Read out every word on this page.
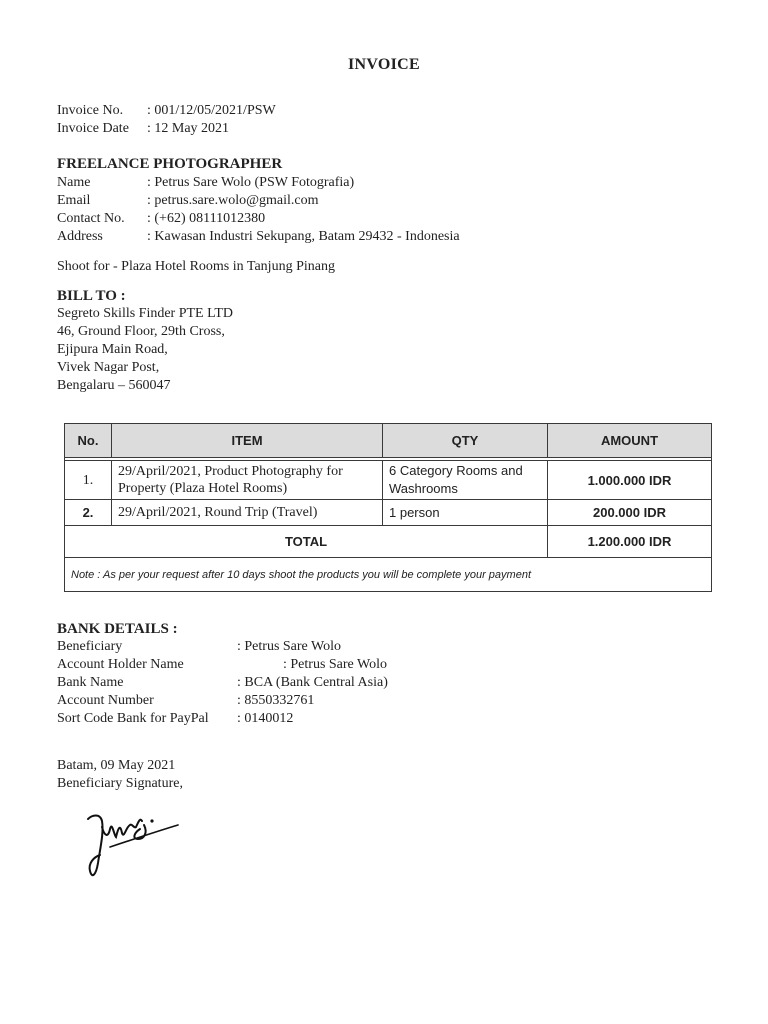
INVOICE
Invoice No. : 001/12/05/2021/PSW
Invoice Date : 12 May 2021
FREELANCE PHOTOGRAPHER
Name	: Petrus Sare Wolo (PSW Fotografia)
Email	: petrus.sare.wolo@gmail.com
Contact No. : (+62) 08111012380
Address	: Kawasan Industri Sekupang, Batam 29432 - Indonesia
Shoot for - Plaza Hotel Rooms in Tanjung Pinang
BILL TO :
Segreto Skills Finder PTE LTD
46, Ground Floor, 29th Cross,
Ejipura Main Road,
Vivek Nagar Post,
Bengalaru – 560047
No.	ITEM	QTY	AMOUNT

1.	29/April/2021, Product Photography for Property (Plaza Hotel Rooms)	6 Category Rooms and Washrooms	1.000.000 IDR
2.	29/April/2021, Round Trip (Travel)	1 person	200.000 IDR
TOTAL			1.200.000 IDR
Note : As per your request after 10 days shoot the products you will be complete your payment			
BANK DETAILS :
Beneficiary	: Petrus Sare Wolo
Account Holder Name	: Petrus Sare Wolo
Bank Name	: BCA (Bank Central Asia)
Account Number	: 8550332761
Sort Code Bank for PayPal : 0140012
Batam, 09 May 2021
Beneficiary Signature,
